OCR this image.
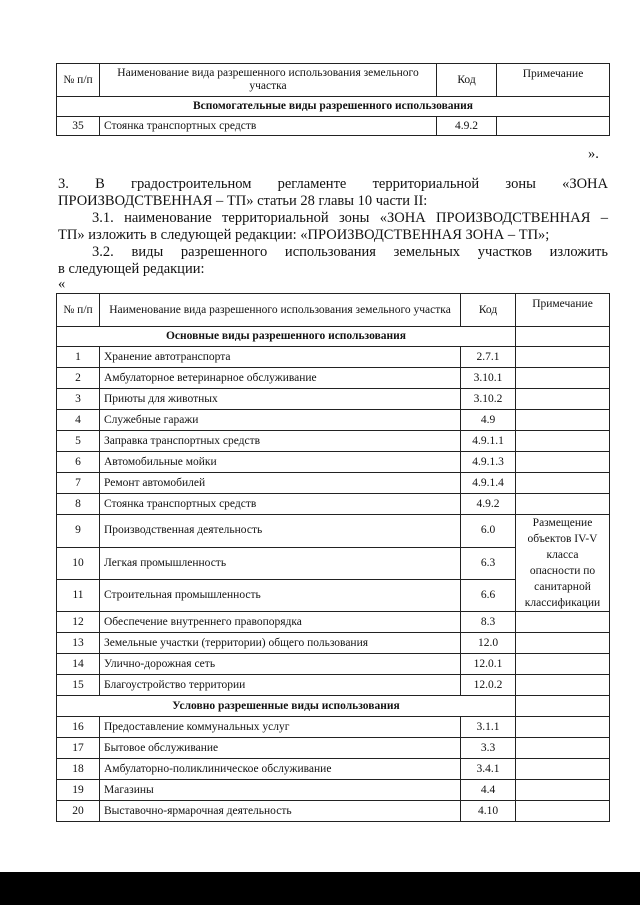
№ п/п	Наименование вида разрешенного использования земельного участка	Код	Примечание
Вспомогательные виды разрешенного использования			
35	Стоянка транспортных средств	4.9.2	
».
3. В градостроительном регламенте территориальной зоны «ЗОНА
ПРОИЗВОДСТВЕННАЯ – ТП» статьи 28 главы 10 части II:
3.1. наименование территориальной зоны «ЗОНА ПРОИЗВОДСТВЕННАЯ –
ТП» изложить в следующей редакции: «ПРОИЗВОДСТВЕННАЯ ЗОНА – ТП»;
3.2. виды разрешенного использования земельных участков изложить
в следующей редакции:
«
№ п/п	Наименование вида разрешенного использования земельного участка	Код	Примечание
Основные виды разрешенного использования			
1	Хранение автотранспорта	2.7.1	
2	Амбулаторное ветеринарное обслуживание	3.10.1	
3	Приюты для животных	3.10.2	
4	Служебные гаражи	4.9	
5	Заправка транспортных средств	4.9.1.1	
6	Автомобильные мойки	4.9.1.3	
7	Ремонт автомобилей	4.9.1.4	
8	Стоянка транспортных средств	4.9.2	
9	Производственная деятельность	6.0	Размещение объектов IV-V класса опасности по санитарной классификации
10	Легкая промышленность	6.3	
11	Строительная промышленность	6.6	
12	Обеспечение внутреннего правопорядка	8.3	
13	Земельные участки (территории) общего пользования	12.0	
14	Улично-дорожная сеть	12.0.1	
15	Благоустройство территории	12.0.2	
Условно разрешенные виды использования			
16	Предоставление коммунальных услуг	3.1.1	
17	Бытовое обслуживание	3.3	
18	Амбулаторно-поликлиническое обслуживание	3.4.1	
19	Магазины	4.4	
20	Выставочно-ярмарочная деятельность	4.10	
